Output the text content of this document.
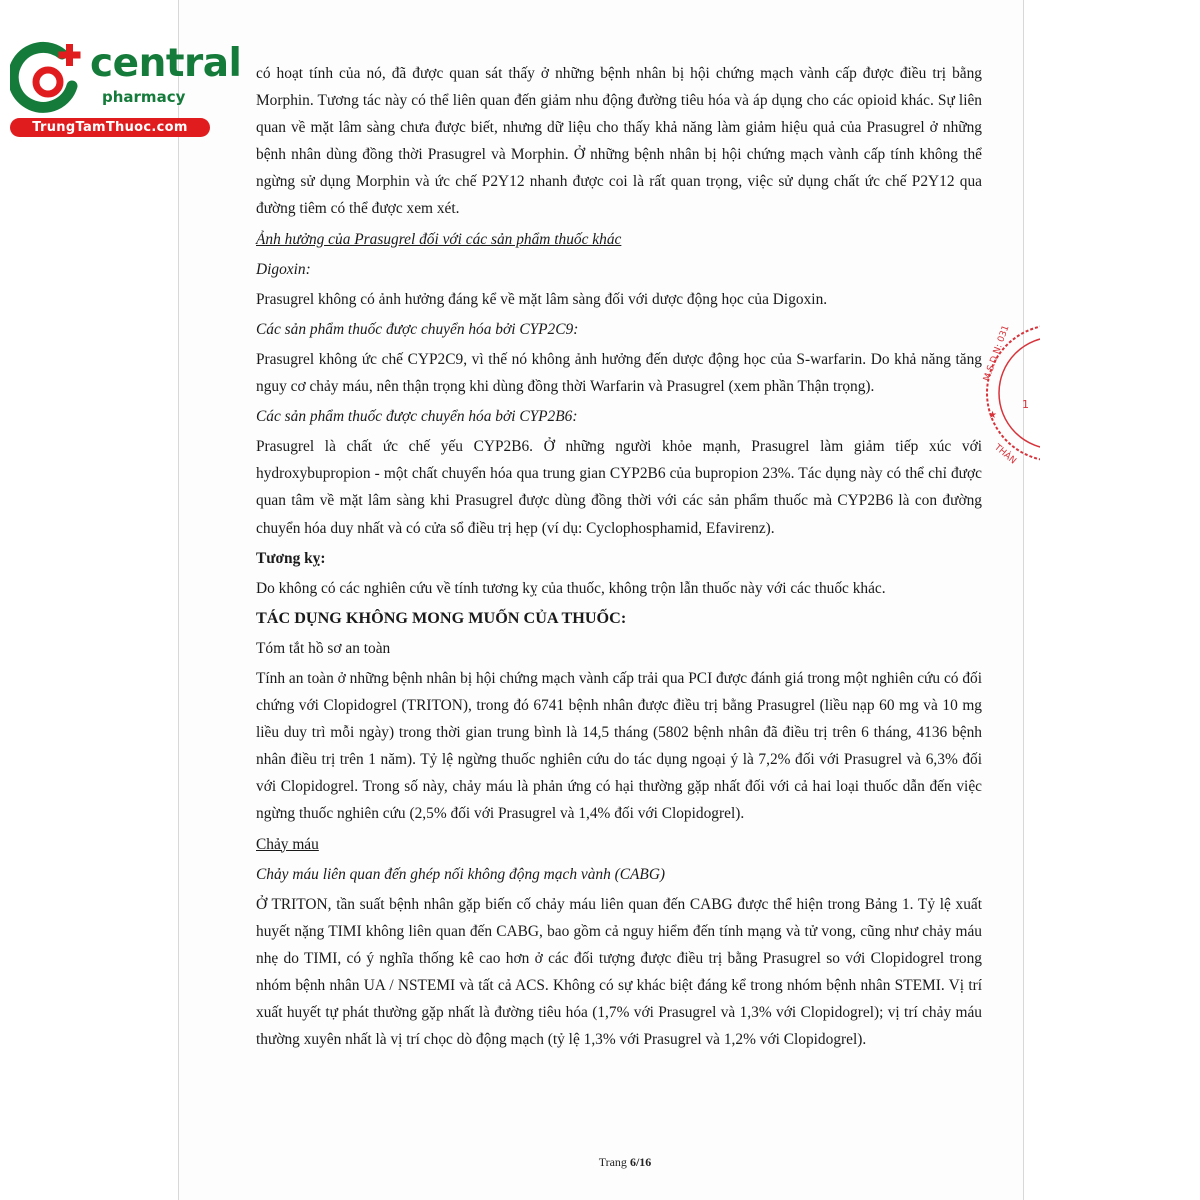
central
pharmacy
TrungTamThuoc.com
M.S.D.N: 031
★
THÀN
1

có hoạt tính của nó, đã được quan sát thấy ở những bệnh nhân bị hội chứng mạch vành cấp được điều trị bằng Morphin. Tương tác này có thể liên quan đến giảm nhu động đường tiêu hóa và áp dụng cho các opioid khác. Sự liên quan về mặt lâm sàng chưa được biết, nhưng dữ liệu cho thấy khả năng làm giảm hiệu quả của Prasugrel ở những bệnh nhân dùng đồng thời Prasugrel và Morphin. Ở những bệnh nhân bị hội chứng mạch vành cấp tính không thể ngừng sử dụng Morphin và ức chế P2Y12 nhanh được coi là rất quan trọng, việc sử dụng chất ức chế P2Y12 qua đường tiêm có thể được xem xét.

Ảnh hưởng của Prasugrel đối với các sản phẩm thuốc khác

Digoxin:

Prasugrel không có ảnh hưởng đáng kể về mặt lâm sàng đối với dược động học của Digoxin.

Các sản phẩm thuốc được chuyển hóa bởi CYP2C9:

Prasugrel không ức chế CYP2C9, vì thế nó không ảnh hưởng đến dược động học của S-warfarin. Do khả năng tăng nguy cơ chảy máu, nên thận trọng khi dùng đồng thời Warfarin và Prasugrel (xem phần Thận trọng).

Các sản phẩm thuốc được chuyển hóa bởi CYP2B6:

Prasugrel là chất ức chế yếu CYP2B6. Ở những người khỏe mạnh, Prasugrel làm giảm tiếp xúc với hydroxybupropion - một chất chuyển hóa qua trung gian CYP2B6 của bupropion 23%. Tác dụng này có thể chỉ được quan tâm về mặt lâm sàng khi Prasugrel được dùng đồng thời với các sản phẩm thuốc mà CYP2B6 là con đường chuyển hóa duy nhất và có cửa sổ điều trị hẹp (ví dụ: Cyclophosphamid, Efavirenz).

Tương kỵ:

Do không có các nghiên cứu về tính tương kỵ của thuốc, không trộn lẫn thuốc này với các thuốc khác.

TÁC DỤNG KHÔNG MONG MUỐN CỦA THUỐC:

Tóm tắt hồ sơ an toàn

Tính an toàn ở những bệnh nhân bị hội chứng mạch vành cấp trải qua PCI được đánh giá trong một nghiên cứu có đối chứng với Clopidogrel (TRITON), trong đó 6741 bệnh nhân được điều trị bằng Prasugrel (liều nạp 60 mg và 10 mg liều duy trì mỗi ngày) trong thời gian trung bình là 14,5 tháng (5802 bệnh nhân đã điều trị trên 6 tháng, 4136 bệnh nhân điều trị trên 1 năm). Tỷ lệ ngừng thuốc nghiên cứu do tác dụng ngoại ý là 7,2% đối với Prasugrel và 6,3% đối với Clopidogrel. Trong số này, chảy máu là phản ứng có hại thường gặp nhất đối với cả hai loại thuốc dẫn đến việc ngừng thuốc nghiên cứu (2,5% đối với Prasugrel và 1,4% đối với Clopidogrel).

Chảy máu

Chảy máu liên quan đến ghép nối không động mạch vành (CABG)

Ở TRITON, tần suất bệnh nhân gặp biến cố chảy máu liên quan đến CABG được thể hiện trong Bảng 1. Tỷ lệ xuất huyết nặng TIMI không liên quan đến CABG, bao gồm cả nguy hiểm đến tính mạng và tử vong, cũng như chảy máu nhẹ do TIMI, có ý nghĩa thống kê cao hơn ở các đối tượng được điều trị bằng Prasugrel so với Clopidogrel trong nhóm bệnh nhân UA / NSTEMI và tất cả ACS. Không có sự khác biệt đáng kể trong nhóm bệnh nhân STEMI. Vị trí xuất huyết tự phát thường gặp nhất là đường tiêu hóa (1,7% với Prasugrel và 1,3% với Clopidogrel); vị trí chảy máu thường xuyên nhất là vị trí chọc dò động mạch (tỷ lệ 1,3% với Prasugrel và 1,2% với Clopidogrel).

Trang 6/16
